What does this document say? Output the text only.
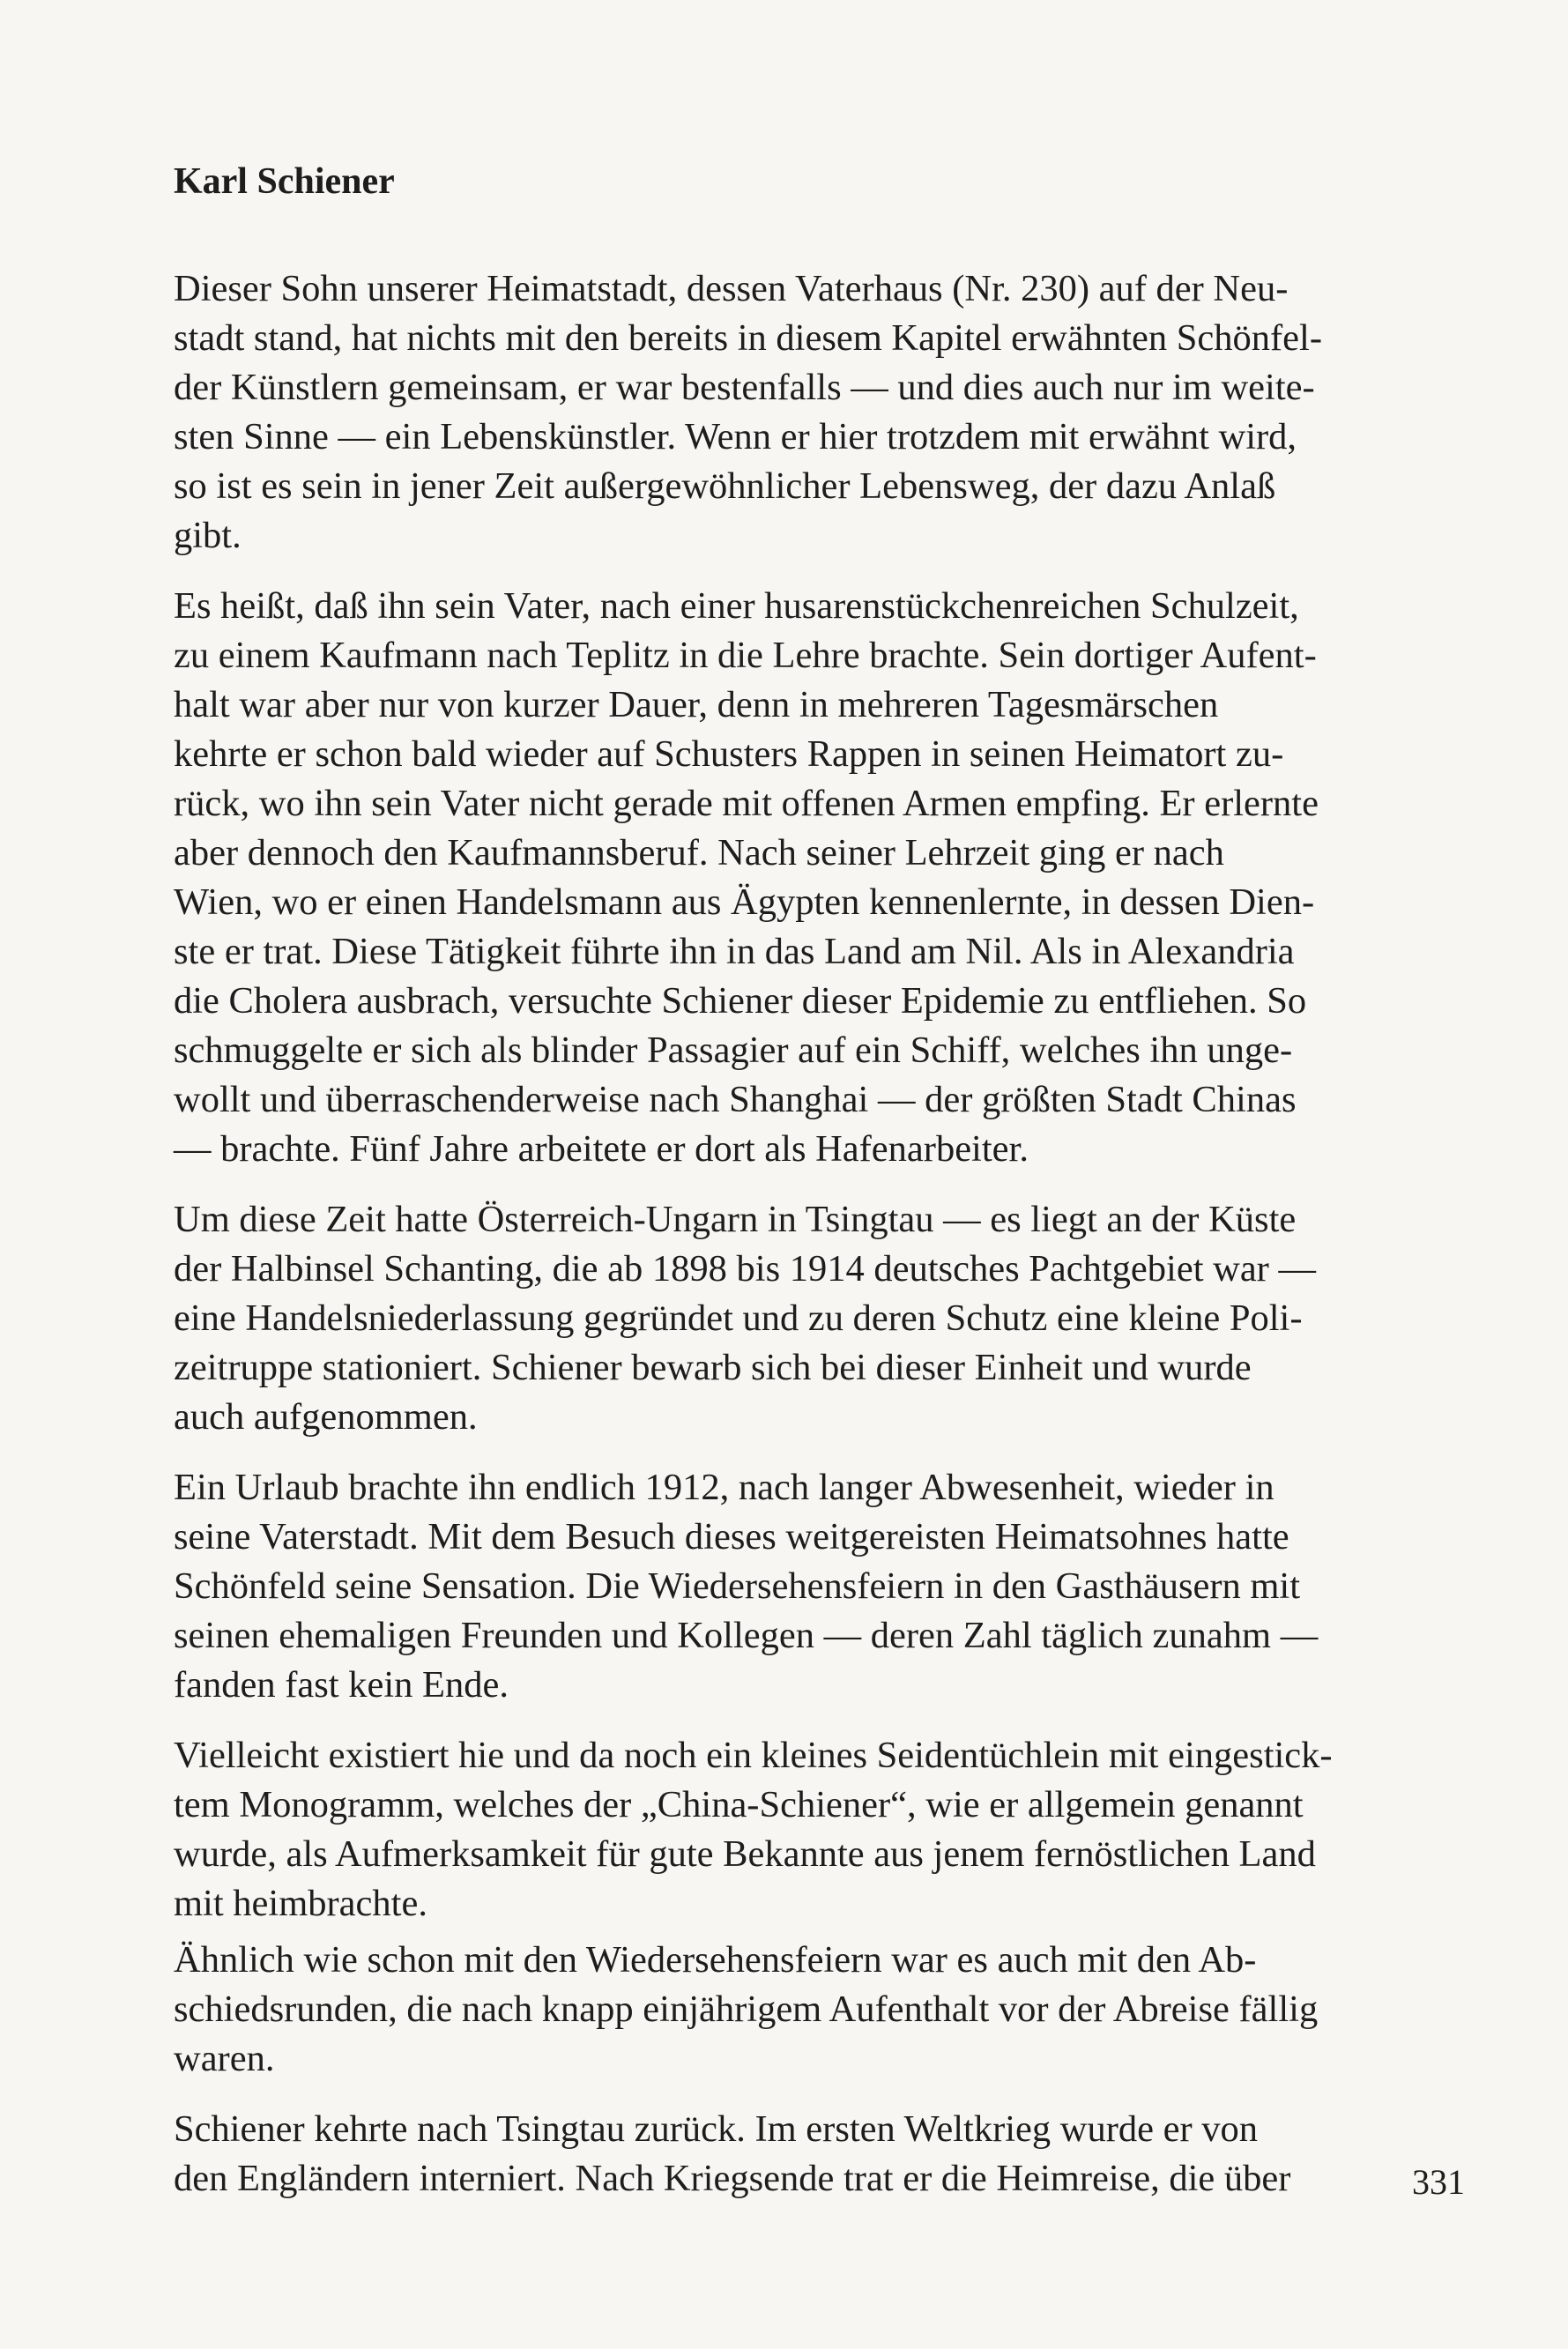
Karl Schiener

Dieser Sohn unserer Heimatstadt, dessen Vaterhaus (Nr. 230) auf der Neu-
stadt stand, hat nichts mit den bereits in diesem Kapitel erwähnten Schönfel-
der Künstlern gemeinsam, er war bestenfalls — und dies auch nur im weite-
sten Sinne — ein Lebenskünstler. Wenn er hier trotzdem mit erwähnt wird,
so ist es sein in jener Zeit außergewöhnlicher Lebensweg, der dazu Anlaß
gibt.

Es heißt, daß ihn sein Vater, nach einer husarenstückchenreichen Schulzeit,
zu einem Kaufmann nach Teplitz in die Lehre brachte. Sein dortiger Aufent-
halt war aber nur von kurzer Dauer, denn in mehreren Tagesmärschen
kehrte er schon bald wieder auf Schusters Rappen in seinen Heimatort zu-
rück, wo ihn sein Vater nicht gerade mit offenen Armen empfing. Er erlernte
aber dennoch den Kaufmannsberuf. Nach seiner Lehrzeit ging er nach
Wien, wo er einen Handelsmann aus Ägypten kennenlernte, in dessen Dien-
ste er trat. Diese Tätigkeit führte ihn in das Land am Nil. Als in Alexandria
die Cholera ausbrach, versuchte Schiener dieser Epidemie zu entfliehen. So
schmuggelte er sich als blinder Passagier auf ein Schiff, welches ihn unge-
wollt und überraschenderweise nach Shanghai — der größten Stadt Chinas
— brachte. Fünf Jahre arbeitete er dort als Hafenarbeiter.

Um diese Zeit hatte Österreich-Ungarn in Tsingtau — es liegt an der Küste
der Halbinsel Schanting, die ab 1898 bis 1914 deutsches Pachtgebiet war —
eine Handelsniederlassung gegründet und zu deren Schutz eine kleine Poli-
zeitruppe stationiert. Schiener bewarb sich bei dieser Einheit und wurde
auch aufgenommen.

Ein Urlaub brachte ihn endlich 1912, nach langer Abwesenheit, wieder in
seine Vaterstadt. Mit dem Besuch dieses weitgereisten Heimatsohnes hatte
Schönfeld seine Sensation. Die Wiedersehensfeiern in den Gasthäusern mit
seinen ehemaligen Freunden und Kollegen — deren Zahl täglich zunahm —
fanden fast kein Ende.

Vielleicht existiert hie und da noch ein kleines Seidentüchlein mit eingestick-
tem Monogramm, welches der „China-Schiener“, wie er allgemein genannt
wurde, als Aufmerksamkeit für gute Bekannte aus jenem fernöstlichen Land
mit heimbrachte.

Ähnlich wie schon mit den Wiedersehensfeiern war es auch mit den Ab-
schiedsrunden, die nach knapp einjährigem Aufenthalt vor der Abreise fällig
waren.

Schiener kehrte nach Tsingtau zurück. Im ersten Weltkrieg wurde er von
den Engländern interniert. Nach Kriegsende trat er die Heimreise, die über	331
